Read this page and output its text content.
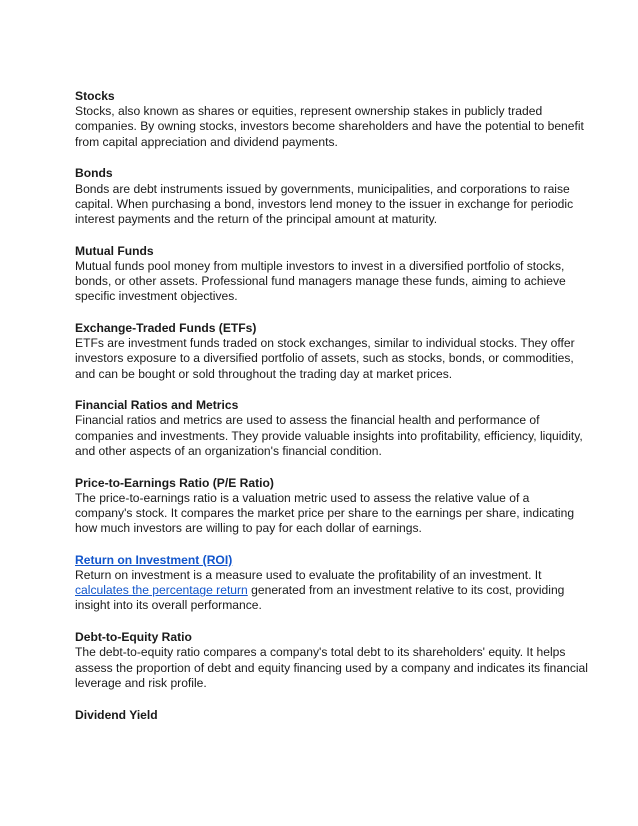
Stocks
Stocks, also known as shares or equities, represent ownership stakes in publicly traded
companies. By owning stocks, investors become shareholders and have the potential to benefit
from capital appreciation and dividend payments.
Bonds
Bonds are debt instruments issued by governments, municipalities, and corporations to raise
capital. When purchasing a bond, investors lend money to the issuer in exchange for periodic
interest payments and the return of the principal amount at maturity.
Mutual Funds
Mutual funds pool money from multiple investors to invest in a diversified portfolio of stocks,
bonds, or other assets. Professional fund managers manage these funds, aiming to achieve
specific investment objectives.
Exchange-Traded Funds (ETFs)
ETFs are investment funds traded on stock exchanges, similar to individual stocks. They offer
investors exposure to a diversified portfolio of assets, such as stocks, bonds, or commodities,
and can be bought or sold throughout the trading day at market prices.
Financial Ratios and Metrics
Financial ratios and metrics are used to assess the financial health and performance of
companies and investments. They provide valuable insights into profitability, efficiency, liquidity,
and other aspects of an organization's financial condition.
Price-to-Earnings Ratio (P/E Ratio)
The price-to-earnings ratio is a valuation metric used to assess the relative value of a
company's stock. It compares the market price per share to the earnings per share, indicating
how much investors are willing to pay for each dollar of earnings.
Return on Investment (ROI)
Return on investment is a measure used to evaluate the profitability of an investment. It
calculates the percentage return generated from an investment relative to its cost, providing
insight into its overall performance.
Debt-to-Equity Ratio
The debt-to-equity ratio compares a company's total debt to its shareholders' equity. It helps
assess the proportion of debt and equity financing used by a company and indicates its financial
leverage and risk profile.
Dividend Yield
